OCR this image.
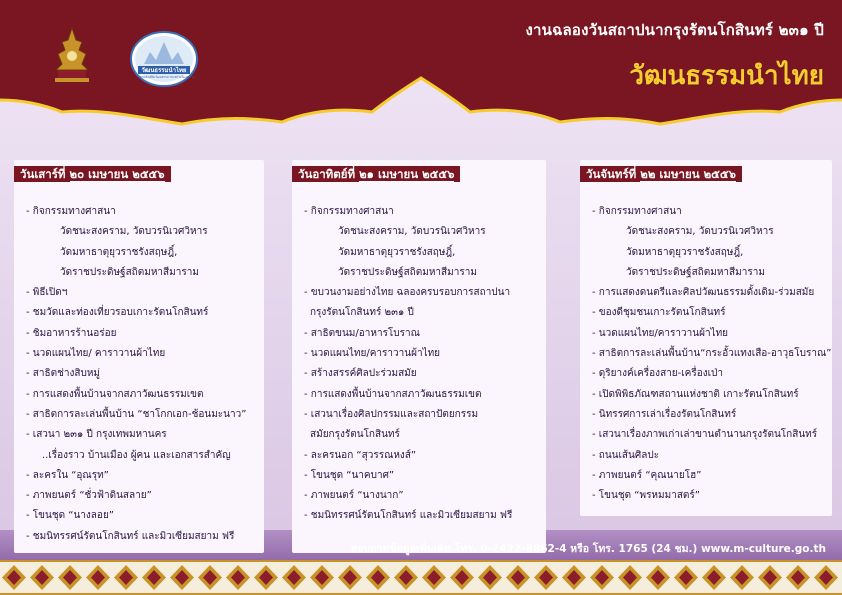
วัฒนธรรมนำไทย
กรมส่งเสริมวัฒนธรรม กระทรวงวัฒนธรรม
งานฉลองวันสถาปนากรุงรัตนโกสินทร์ ๒๓๑ ปี
วัฒนธรรมนำไทย
วันเสาร์ที่ ๒๐ เมษายน ๒๕๕๖
- กิจกรรมทางศาสนา
วัดชนะสงคราม, วัดบวรนิเวศวิหาร
วัดมหาธาตุยุวราชรังสฤษฎิ์,
วัดราชประดิษฐ์สถิตมหาสีมาราม
- พิธีเปิดฯ
- ชมวัดและท่องเที่ยวรอบเกาะรัตนโกสินทร์
- ชิมอาหารร้านอร่อย
- นวดแผนไทย/ คาราวานผ้าไทย
- สาธิตช่างสิบหมู่
- การแสดงพื้นบ้านจากสภาวัฒนธรรมเขต
- สาธิตการละเล่นพื้นบ้าน “ชาโกกเอก-ช้อนมะนาว”
- เสวนา ๒๓๑ ปี กรุงเทพมหานคร
..เรื่องราว บ้านเมือง ผู้คน และเอกสารสำคัญ
- ละครใน “อุณรุท”
- ภาพยนตร์ “ชั่วฟ้าดินสลาย”
- โขนชุด “นางลอย”
- ชมนิทรรศน์รัตนโกสินทร์ และมิวเซียมสยาม ฟรี
วันอาทิตย์ที่ ๒๑ เมษายน ๒๕๕๖
- กิจกรรมทางศาสนา
วัดชนะสงคราม, วัดบวรนิเวศวิหาร
วัดมหาธาตุยุวราชรังสฤษฎิ์,
วัดราชประดิษฐ์สถิตมหาสีมาราม
- ขบวนงามอย่างไทย ฉลองครบรอบการสถาปนา
กรุงรัตนโกสินทร์ ๒๓๑ ปี
- สาธิตขนม/อาหารโบราณ
- นวดแผนไทย/คาราวานผ้าไทย
- สร้างสรรค์ศิลปะร่วมสมัย
- การแสดงพื้นบ้านจากสภาวัฒนธรรมเขต
- เสวนาเรื่องศิลปกรรมและสถาปัตยกรรม
สมัยกรุงรัตนโกสินทร์
- ละครนอก “สุวรรณหงส์”
- โขนชุด “นาคบาศ”
- ภาพยนตร์ “นางนาก”
- ชมนิทรรศน์รัตนโกสินทร์ และมิวเซียมสยาม ฟรี
วันจันทร์ที่ ๒๒ เมษายน ๒๕๕๖
- กิจกรรมทางศาสนา
วัดชนะสงคราม, วัดบวรนิเวศวิหาร
วัดมหาธาตุยุวราชรังสฤษฎิ์,
วัดราชประดิษฐ์สถิตมหาสีมาราม
- การแสดงดนตรีและศิลปวัฒนธรรมดั้งเดิม-ร่วมสมัย
- ของดีชุมชนเกาะรัตนโกสินทร์
- นวดแผนไทย/คาราวานผ้าไทย
- สาธิตการละเล่นพื้นบ้าน“กระอั้วแทงเสือ-อาวุธโบราณ”
- ดุริยางค์เครื่องสาย-เครื่องเป่า
- เปิดพิพิธภัณฑสถานแห่งชาติ เกาะรัตนโกสินทร์
- นิทรรศการเล่าเรื่องรัตนโกสินทร์
- เสวนาเรื่องภาพเก่าเล่าขานตำนานกรุงรัตนโกสินทร์
- ถนนเส้นศิลปะ
- ภาพยนตร์ “คุณนายโฮ”
- โขนชุด “พรหมมาสตร์”
สอบถามข้อมูลเพิ่มเติม โทร. 0-2422-8862-4 หรือ โทร. 1765 (24 ชม.) www.m-culture.go.th
